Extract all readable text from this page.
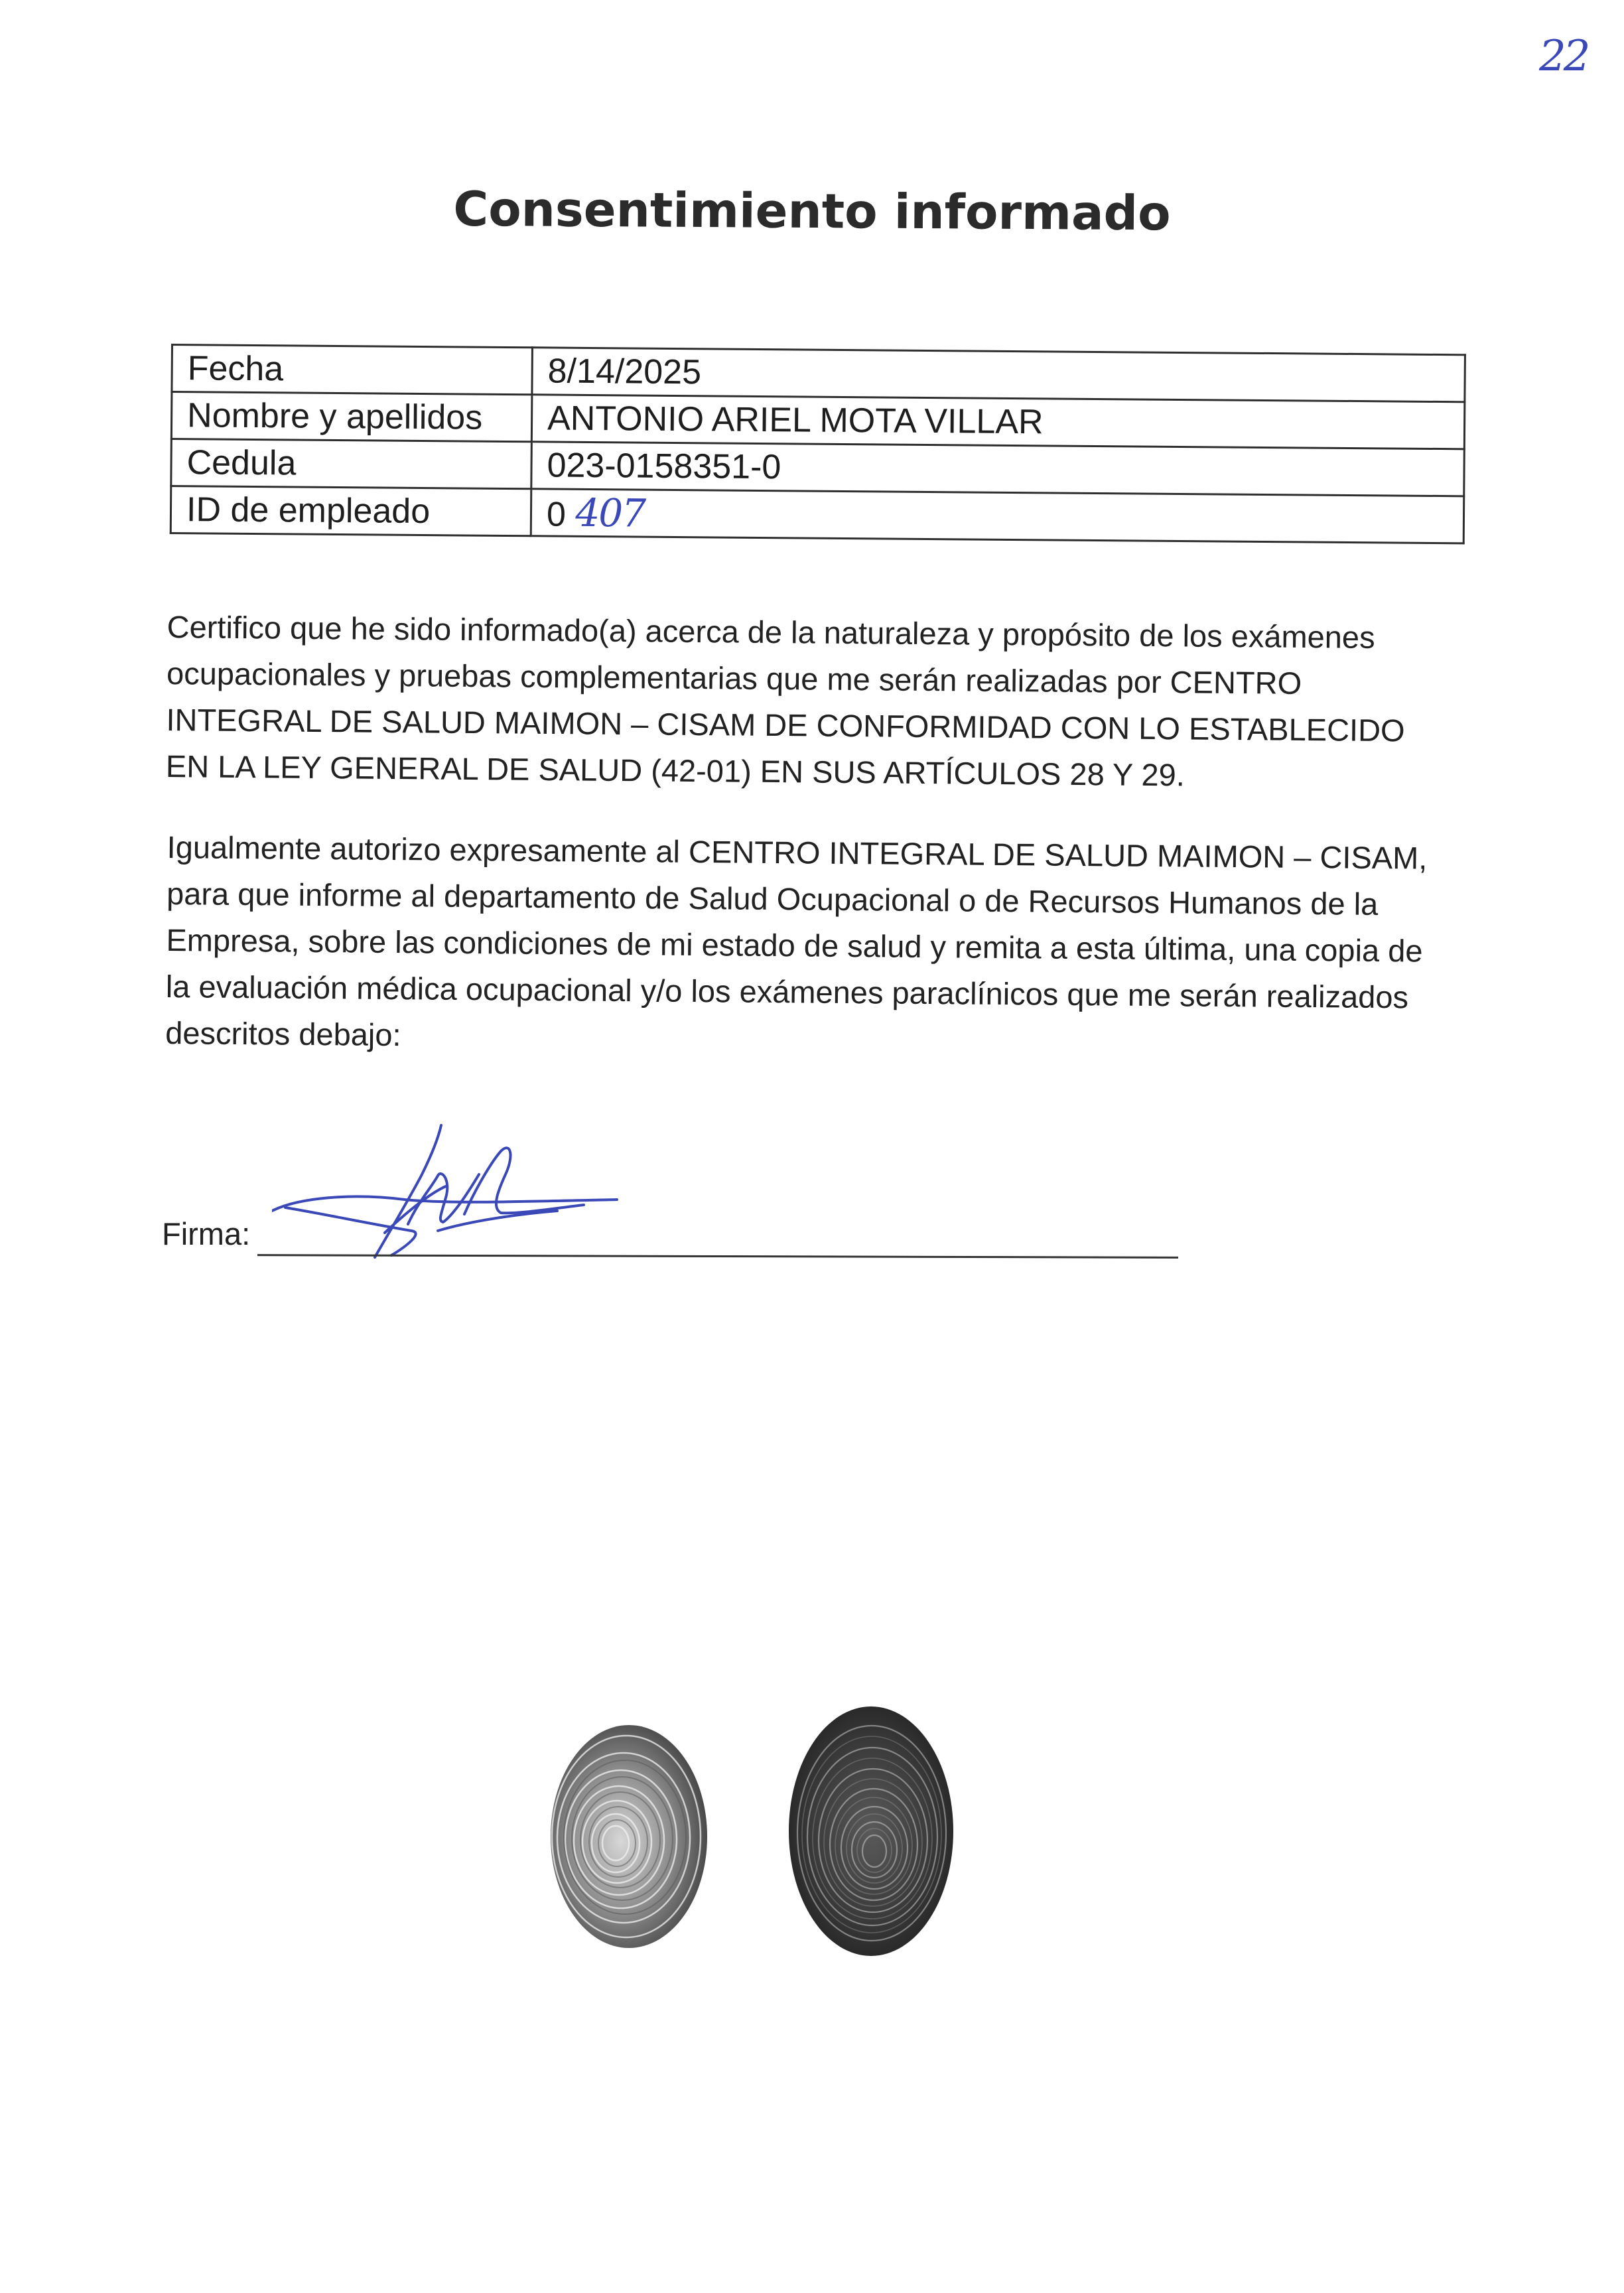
22
Consentimiento informado
Fecha	8/14/2025
Nombre y apellidos	ANTONIO ARIEL MOTA VILLAR
Cedula	023-0158351-0
ID de empleado	0 407

Certifico que he sido informado(a) acerca de la naturaleza y propósito de los exámenes ocupacionales y pruebas complementarias que me serán realizadas por CENTRO INTEGRAL DE SALUD MAIMON – CISAM DE CONFORMIDAD CON LO ESTABLECIDO EN LA LEY GENERAL DE SALUD (42-01) EN SUS ARTÍCULOS 28 Y 29.

Igualmente autorizo expresamente al CENTRO INTEGRAL DE SALUD MAIMON – CISAM, para que informe al departamento de Salud Ocupacional o de Recursos Humanos de la Empresa, sobre las condiciones de mi estado de salud y remita a esta última, una copia de la evaluación médica ocupacional y/o los exámenes paraclínicos que me serán realizados descritos debajo:

Firma:
